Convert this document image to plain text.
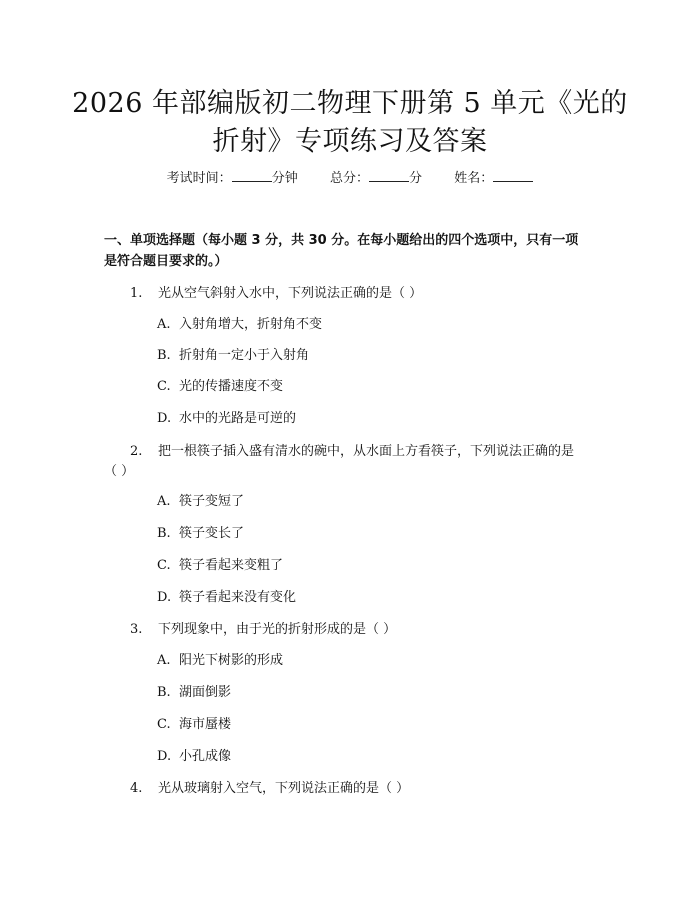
2026 年部编版初二物理下册第 5 单元《光的
折射》专项练习及答案
考试时间：	分钟 总分：	分 姓名：
一、单项选择题（每小题 3 分，共 30 分。在每小题给出的四个选项中，只有一项
是符合题目要求的。）
1. 光从空气斜射入水中，下列说法正确的是（ ）
A. 入射角增大，折射角不变
B. 折射角一定小于入射角
C. 光的传播速度不变
D. 水中的光路是可逆的
2. 把一根筷子插入盛有清水的碗中，从水面上方看筷子，下列说法正确的是
（ ）
A. 筷子变短了
B. 筷子变长了
C. 筷子看起来变粗了
D. 筷子看起来没有变化
3. 下列现象中，由于光的折射形成的是（ ）
A. 阳光下树影的形成
B. 湖面倒影
C. 海市蜃楼
D. 小孔成像
4. 光从玻璃射入空气，下列说法正确的是（ ）
